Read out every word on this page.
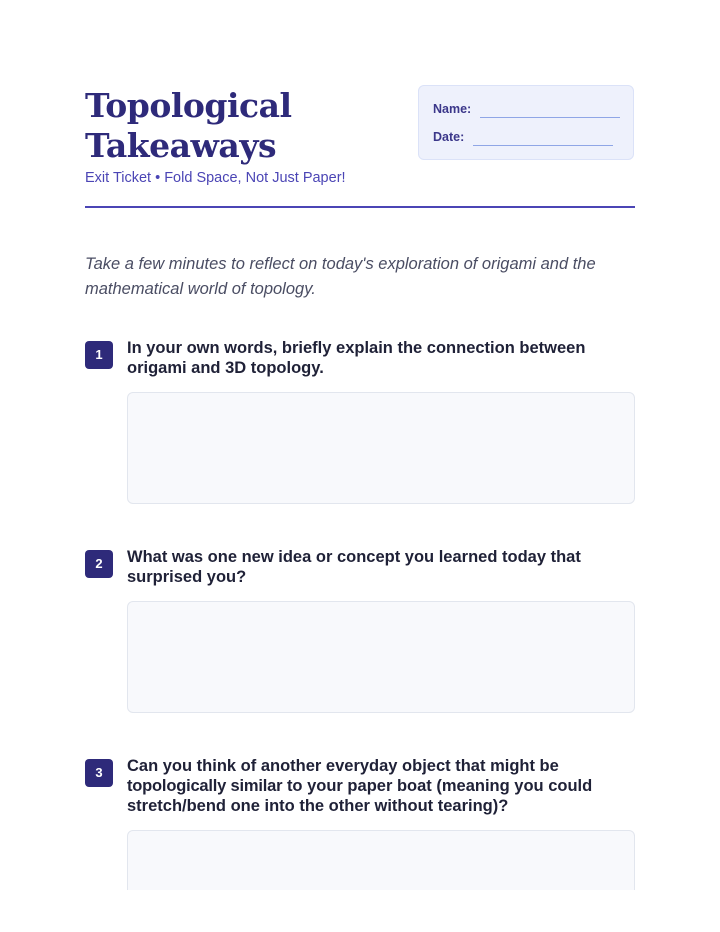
Topological Takeaways
Exit Ticket • Fold Space, Not Just Paper!
Name:
Date:
Take a few minutes to reflect on today's exploration of origami and the mathematical world of topology.
1	In your own words, briefly explain the connection between origami and 3D topology.
2	What was one new idea or concept you learned today that surprised you?
3	Can you think of another everyday object that might be topologically similar to your paper boat (meaning you could stretch/bend one into the other without tearing)?
